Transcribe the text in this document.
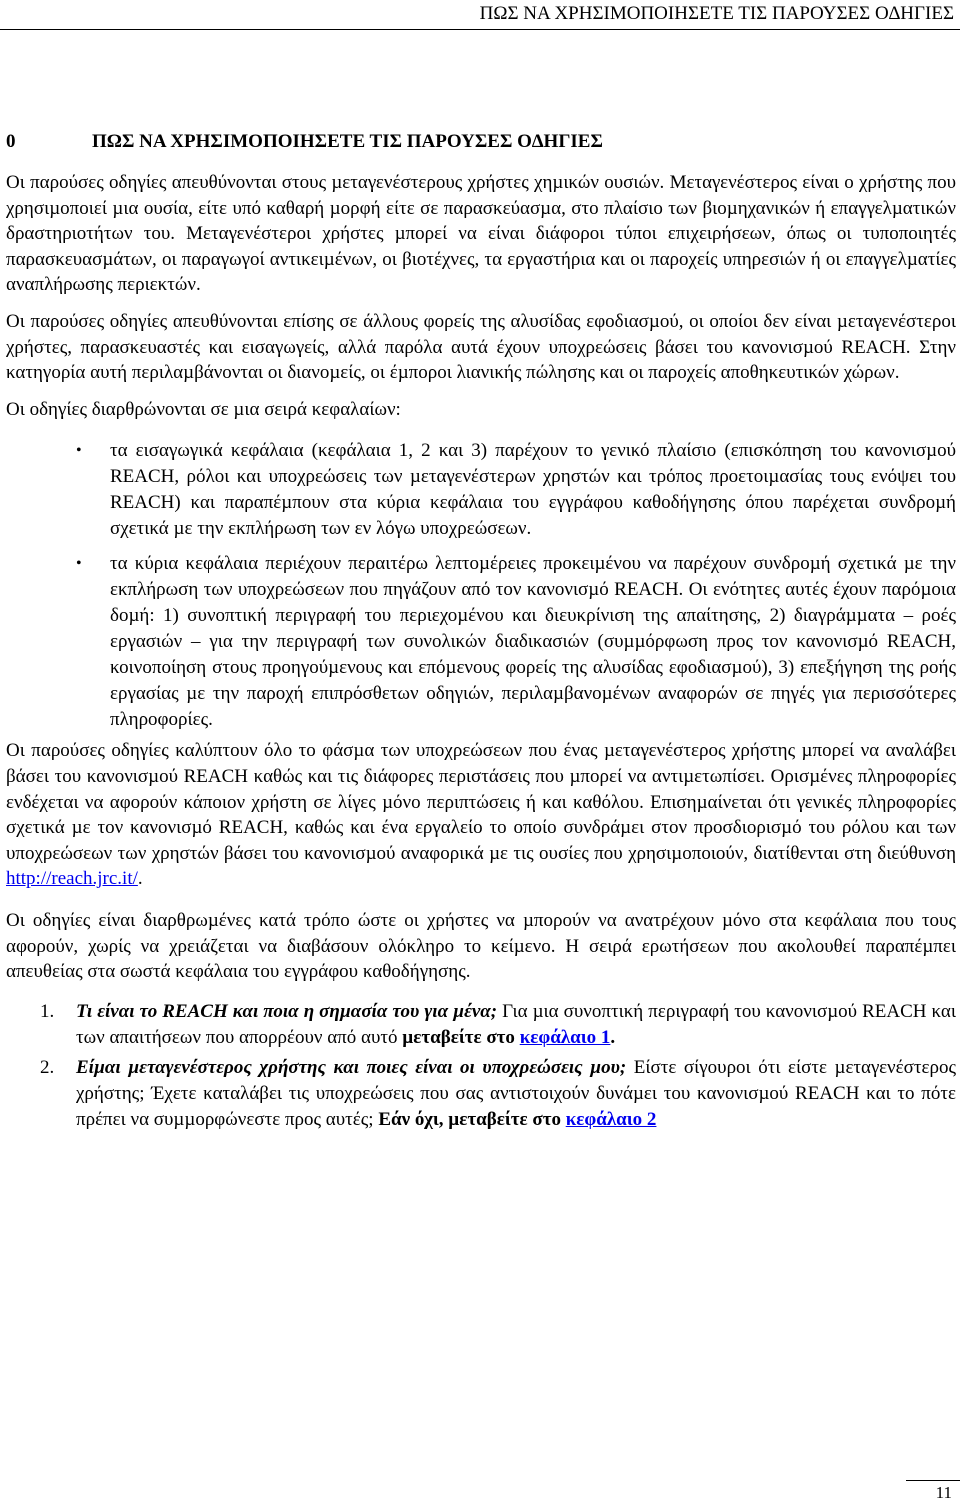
ΠΩΣ ΝΑ ΧΡΗΣΙΜΟΠΟΙΗΣΕΤΕ ΤΙΣ ΠΑΡΟΥΣΕΣ Ο∆ΗΓΙΕΣ
0	ΠΩΣ ΝΑ ΧΡΗΣΙΜΟΠΟΙΗΣΕΤΕ ΤΙΣ ΠΑΡΟΥΣΕΣ Ο∆ΗΓΙΕΣ

Οι παρούσες οδηγίες απευθύνονται στους µεταγενέστερους χρήστες χηµικών ουσιών. Μεταγενέστερος είναι ο χρήστης που χρησιµοποιεί µια ουσία, είτε υπό καθαρή µορφή είτε σε παρασκεύασµα, στο πλαίσιο των βιοµηχανικών ή επαγγελµατικών δραστηριοτήτων του. Μεταγενέστεροι χρήστες µπορεί να είναι διάφοροι τύποι επιχειρήσεων, όπως οι τυποποιητές παρασκευασµάτων, οι παραγωγοί αντικειµένων, οι βιοτέχνες, τα εργαστήρια και οι παροχείς υπηρεσιών ή οι επαγγελµατίες αναπλήρωσης περιεκτών.

Οι παρούσες οδηγίες απευθύνονται επίσης σε άλλους φορείς της αλυσίδας εφοδιασµού, οι οποίοι δεν είναι µεταγενέστεροι χρήστες, παρασκευαστές και εισαγωγείς, αλλά παρόλα αυτά έχουν υποχρεώσεις βάσει του κανονισµού REACH. Στην κατηγορία αυτή περιλαµβάνονται οι διανοµείς, οι έµποροι λιανικής πώλησης και οι παροχείς αποθηκευτικών χώρων.

Οι οδηγίες διαρθρώνονται σε µια σειρά κεφαλαίων:

• τα εισαγωγικά κεφάλαια (κεφάλαια 1, 2 και 3) παρέχουν το γενικό πλαίσιο (επισκόπηση του κανονισµού REACH, ρόλοι και υποχρεώσεις των µεταγενέστερων χρηστών και τρόπος προετοιµασίας τους ενόψει του REACH) και παραπέµπουν στα κύρια κεφάλαια του εγγράφου καθοδήγησης όπου παρέχεται συνδροµή σχετικά µε την εκπλήρωση των εν λόγω υποχρεώσεων.
• τα κύρια κεφάλαια περιέχουν περαιτέρω λεπτοµέρειες προκειµένου να παρέχουν συνδροµή σχετικά µε την εκπλήρωση των υποχρεώσεων που πηγάζουν από τον κανονισµό REACH. Οι ενότητες αυτές έχουν παρόµοια δοµή: 1) συνοπτική περιγραφή του περιεχοµένου και διευκρίνιση της απαίτησης, 2) διαγράµµατα – ροές εργασιών – για την περιγραφή των συνολικών διαδικασιών (συµµόρφωση προς τον κανονισµό REACH, κοινοποίηση στους προηγούµενους και επόµενους φορείς της αλυσίδας εφοδιασµού), 3) επεξήγηση της ροής εργασίας µε την παροχή επιπρόσθετων οδηγιών, περιλαµβανοµένων αναφορών σε πηγές για περισσότερες πληροφορίες.

Οι παρούσες οδηγίες καλύπτουν όλο το φάσµα των υποχρεώσεων που ένας µεταγενέστερος χρήστης µπορεί να αναλάβει βάσει του κανονισµού REACH καθώς και τις διάφορες περιστάσεις που µπορεί να αντιµετωπίσει. Ορισµένες πληροφορίες ενδέχεται να αφορούν κάποιον χρήστη σε λίγες µόνο περιπτώσεις ή και καθόλου. Επισηµαίνεται ότι γενικές πληροφορίες σχετικά µε τον κανονισµό REACH, καθώς και ένα εργαλείο το οποίο συνδράµει στον προσδιορισµό του ρόλου και των υποχρεώσεων των χρηστών βάσει του κανονισµού αναφορικά µε τις ουσίες που χρησιµοποιούν, διατίθενται στη διεύθυνση http://reach.jrc.it/.

Οι οδηγίες είναι διαρθρωµένες κατά τρόπο ώστε οι χρήστες να µπορούν να ανατρέχουν µόνο στα κεφάλαια που τους αφορούν, χωρίς να χρειάζεται να διαβάσουν ολόκληρο το κείµενο. Η σειρά ερωτήσεων που ακολουθεί παραπέµπει απευθείας στα σωστά κεφάλαια του εγγράφου καθοδήγησης.

1. Τι είναι το REACH και ποια η σηµασία του για µένα; Για µια συνοπτική περιγραφή του κανονισµού REACH και των απαιτήσεων που απορρέουν από αυτό µεταβείτε στο κεφάλαιο 1.
2. Είµαι µεταγενέστερος χρήστης και ποιες είναι οι υποχρεώσεις µου; Είστε σίγουροι ότι είστε µεταγενέστερος χρήστης; Έχετε καταλάβει τις υποχρεώσεις που σας αντιστοιχούν δυνάµει του κανονισµού REACH και το πότε πρέπει να συµµορφώνεστε προς αυτές; Εάν όχι, µεταβείτε στο κεφάλαιο 2
11
